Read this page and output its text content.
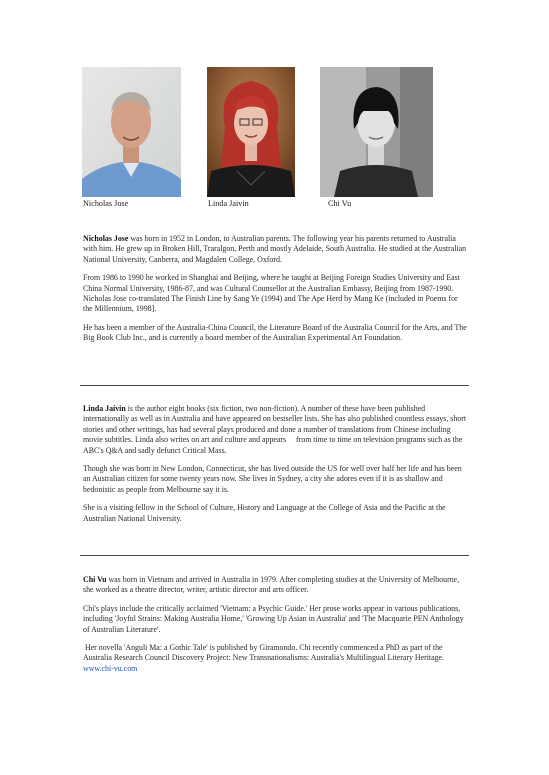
Nicholas Jose	Linda Jaivin	Chi Vu

Nicholas Jose was born in 1952 in London, to Australian parents. The following year his parents returned to Australia with him. He grew up in Broken Hill, Traralgon, Perth and mostly Adelaide, South Australia. He studied at the Australian National University, Canberra, and Magdalen College, Oxford.

From 1986 to 1990 he worked in Shanghai and Beijing, where he taught at Beijing Foreign Studies University and East China Normal University, 1986-87, and was Cultural Counsellor at the Australian Embassy, Beijing from 1987-1990. Nicholas Jose co-translated The Finish Line by Sang Ye (1994) and The Ape Herd by Mang Ke (included in Poems for the Millennium, 1998].

He has been a member of the Australia-China Council, the Literature Board of the Australia Council for the Arts, and The Big Book Club Inc., and is currently a board member of the Australian Experimental Art Foundation.

Linda Jaivin is the author eight books (six fiction, two non-fiction). A number of these have been published internationally as well as in Australia and have appeared on bestseller lists. She has also published countless essays, short stories and other writings, has had several plays produced and done a number of translations from Chinese including movie subtitles. Linda also writes on art and culture and appears     from time to time on television programs such as the ABC's Q&A and sadly defunct Critical Mass.

Though she was born in New London, Connecticut, she has lived outside the US for well over half her life and has been an Australian citizen for some twenty years now. She lives in Sydney, a city she adores even if it is as shallow and hedonistic as people from Melbourne say it is.

She is a visiting fellow in the School of Culture, History and Language at the College of Asia and the Pacific at the Australian National University.

Chi Vu was born in Vietnam and arrived in Australia in 1979. After completing studies at the University of Melbourne, she worked as a theatre director, writer, artistic director and arts officer.

Chi's plays include the critically acclaimed 'Vietnam: a Psychic Guide.' Her prose works appear in various publications, including 'Joyful Strains: Making Australia Home,' 'Growing Up Asian in Australia' and 'The Macquarie PEN Anthology of Australian Literature'.

Her novella 'Anguli Ma: a Gothic Tale' is published by Giramondo. Chi recently commenced a PhD as part of the Australia Research Council Discovery Project: New Transnationalisms: Australia's Multilingual Literary Heritage. www.chi-vu.com
